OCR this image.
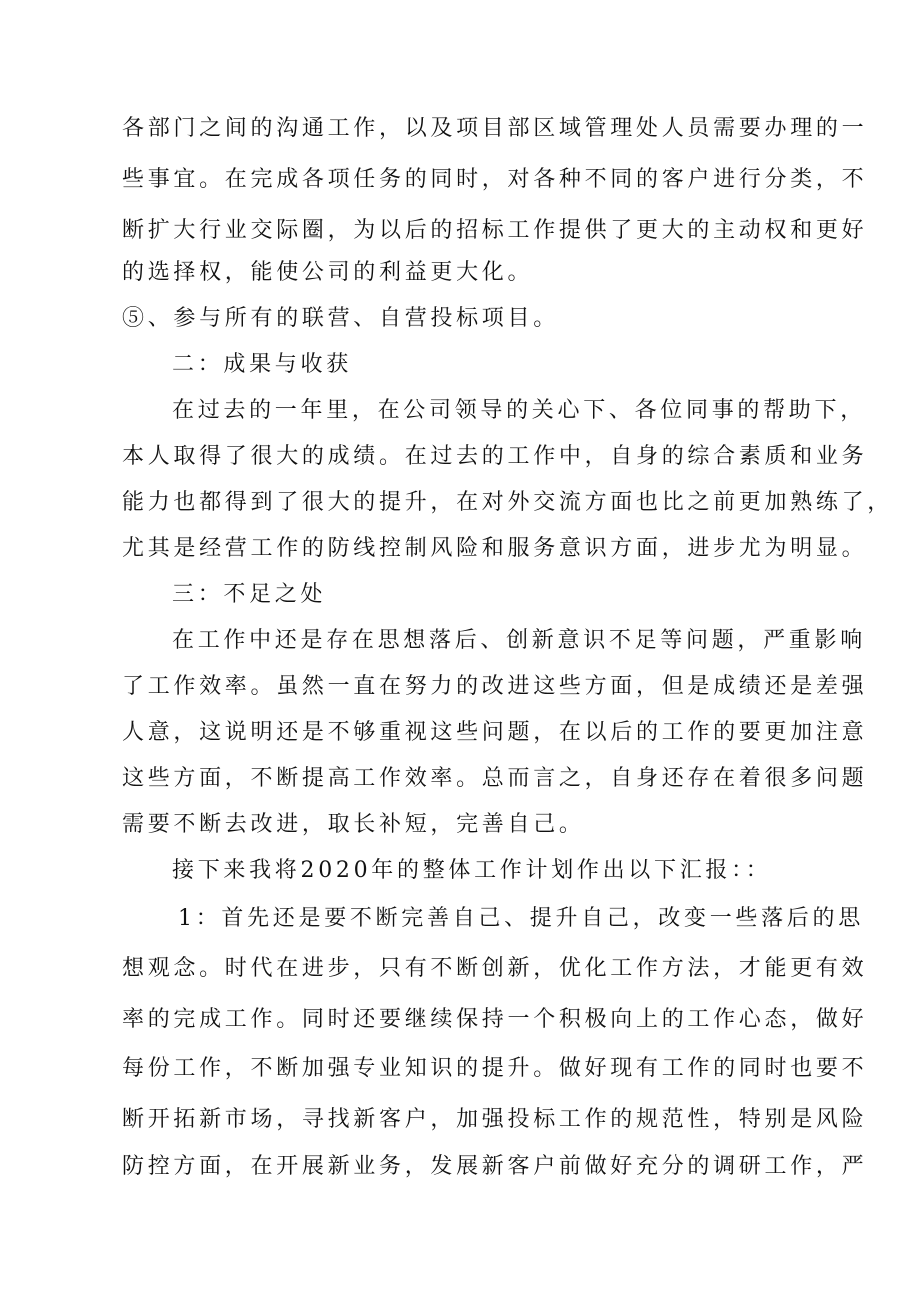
各部门之间的沟通工作，以及项目部区域管理处人员需要办理的一
些事宜。在完成各项任务的同时，对各种不同的客户进行分类，不
断扩大行业交际圈，为以后的招标工作提供了更大的主动权和更好
的选择权，能使公司的利益更大化。
⑤、参与所有的联营、自营投标项目。
二：成果与收获
在过去的一年里，在公司领导的关心下、各位同事的帮助下，
本人取得了很大的成绩。在过去的工作中，自身的综合素质和业务
能力也都得到了很大的提升，在对外交流方面也比之前更加熟练了，
尤其是经营工作的防线控制风险和服务意识方面，进步尤为明显。
三：不足之处
在工作中还是存在思想落后、创新意识不足等问题，严重影响
了工作效率。虽然一直在努力的改进这些方面，但是成绩还是差强
人意，这说明还是不够重视这些问题，在以后的工作的要更加注意
这些方面，不断提高工作效率。总而言之，自身还存在着很多问题
需要不断去改进，取长补短，完善自己。
接下来我将2020年的整体工作计划作出以下汇报：：
1：首先还是要不断完善自己、提升自己，改变一些落后的思
想观念。时代在进步，只有不断创新，优化工作方法，才能更有效
率的完成工作。同时还要继续保持一个积极向上的工作心态，做好
每份工作，不断加强专业知识的提升。做好现有工作的同时也要不
断开拓新市场，寻找新客户，加强投标工作的规范性，特别是风险
防控方面，在开展新业务，发展新客户前做好充分的调研工作，严
